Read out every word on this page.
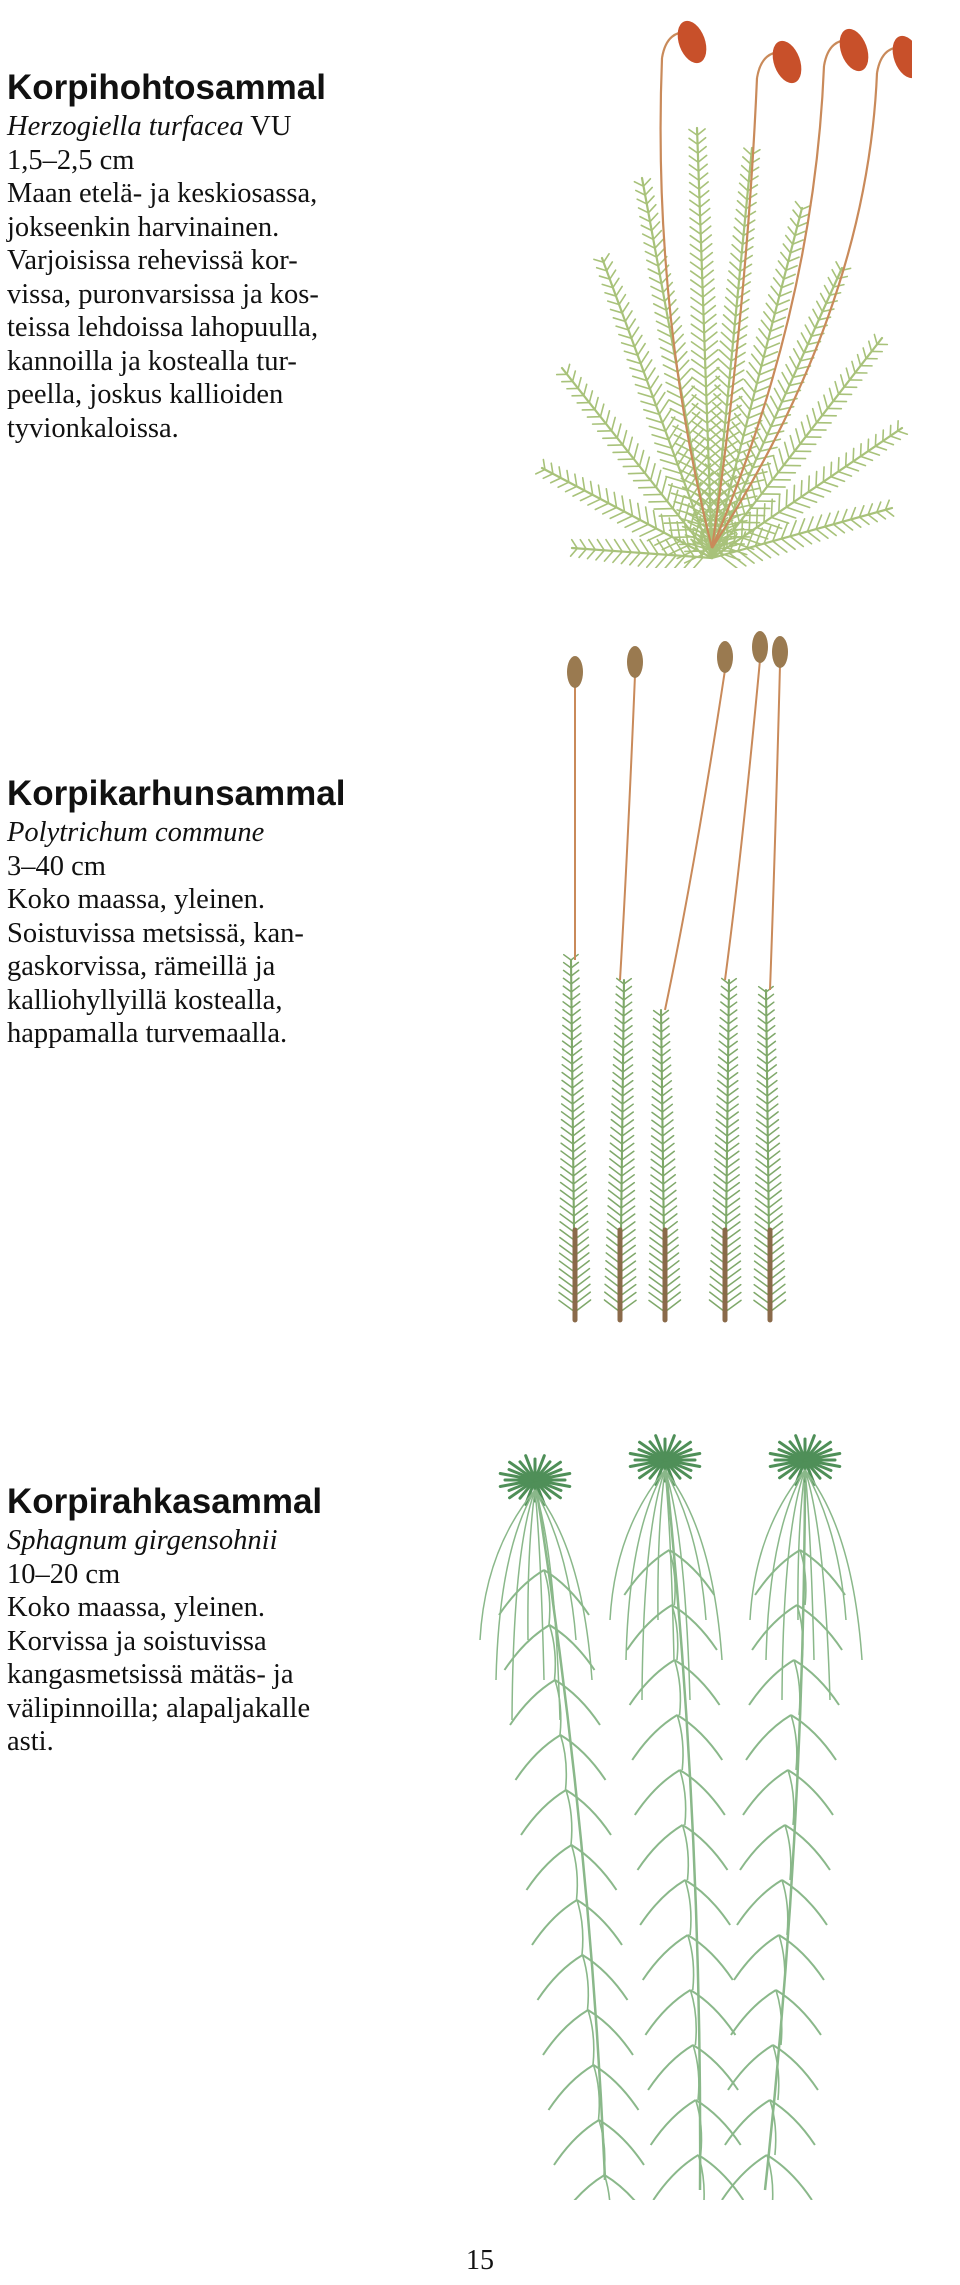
Korpihohtosammal

Herzogiella turfacea VU

1,5–2,5 cm

Maan etelä- ja keskiosassa,

jokseenkin harvinainen.

Varjoisissa rehevissä kor-

vissa, puronvarsissa ja kos-

teissa lehdoissa lahopuulla,

kannoilla ja kostealla tur-

peella, joskus kallioiden

tyvionkaloissa.

Korpikarhunsammal

Polytrichum commune

3–40 cm

Koko maassa, yleinen.

Soistuvissa metsissä, kan-

gaskorvissa, rämeillä ja

kalliohyllyillä kostealla,

happamalla turvemaalla.

Korpirahkasammal

Sphagnum girgensohnii

10–20 cm

Koko maassa, yleinen.

Korvissa ja soistuvissa

kangasmetsissä mätäs- ja

välipinnoilla; alapaljakalle

asti.

15
